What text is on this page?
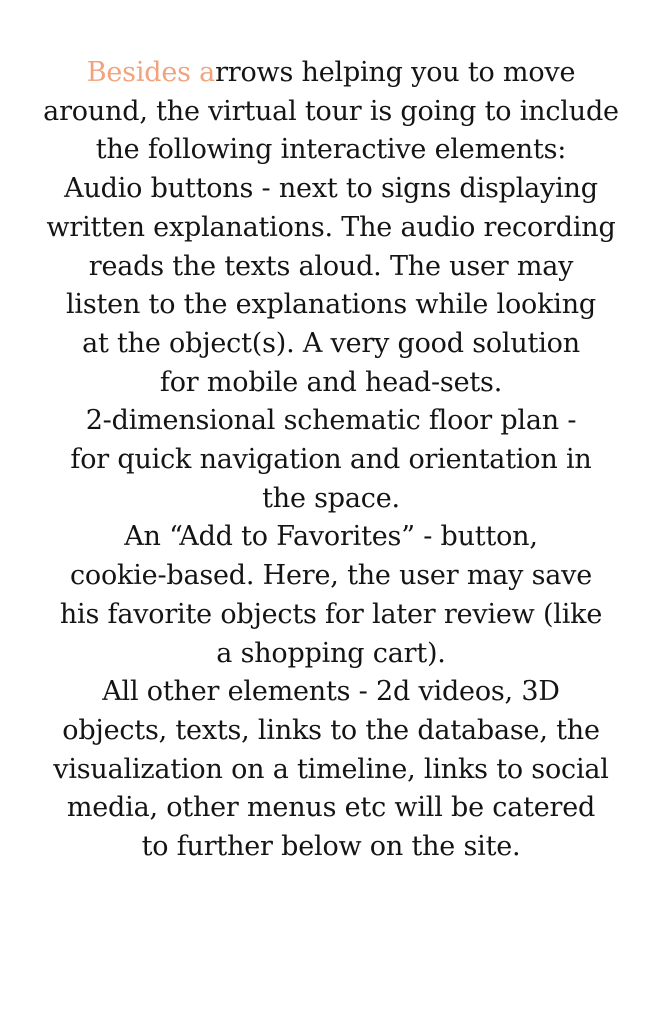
Besides arrows helping you to move
around, the virtual tour is going to include
the following interactive elements:
Audio buttons - next to signs displaying
written explanations. The audio recording
reads the texts aloud. The user may
listen to the explanations while looking
at the object(s). A very good solution
for mobile and head-sets.
2-dimensional schematic floor plan -
for quick navigation and orientation in
the space.
An “Add to Favorites” - button,
cookie-based. Here, the user may save
his favorite objects for later review (like
a shopping cart).
All other elements - 2d videos, 3D
objects, texts, links to the database, the
visualization on a timeline, links to social
media, other menus etc will be catered
to further below on the site.
